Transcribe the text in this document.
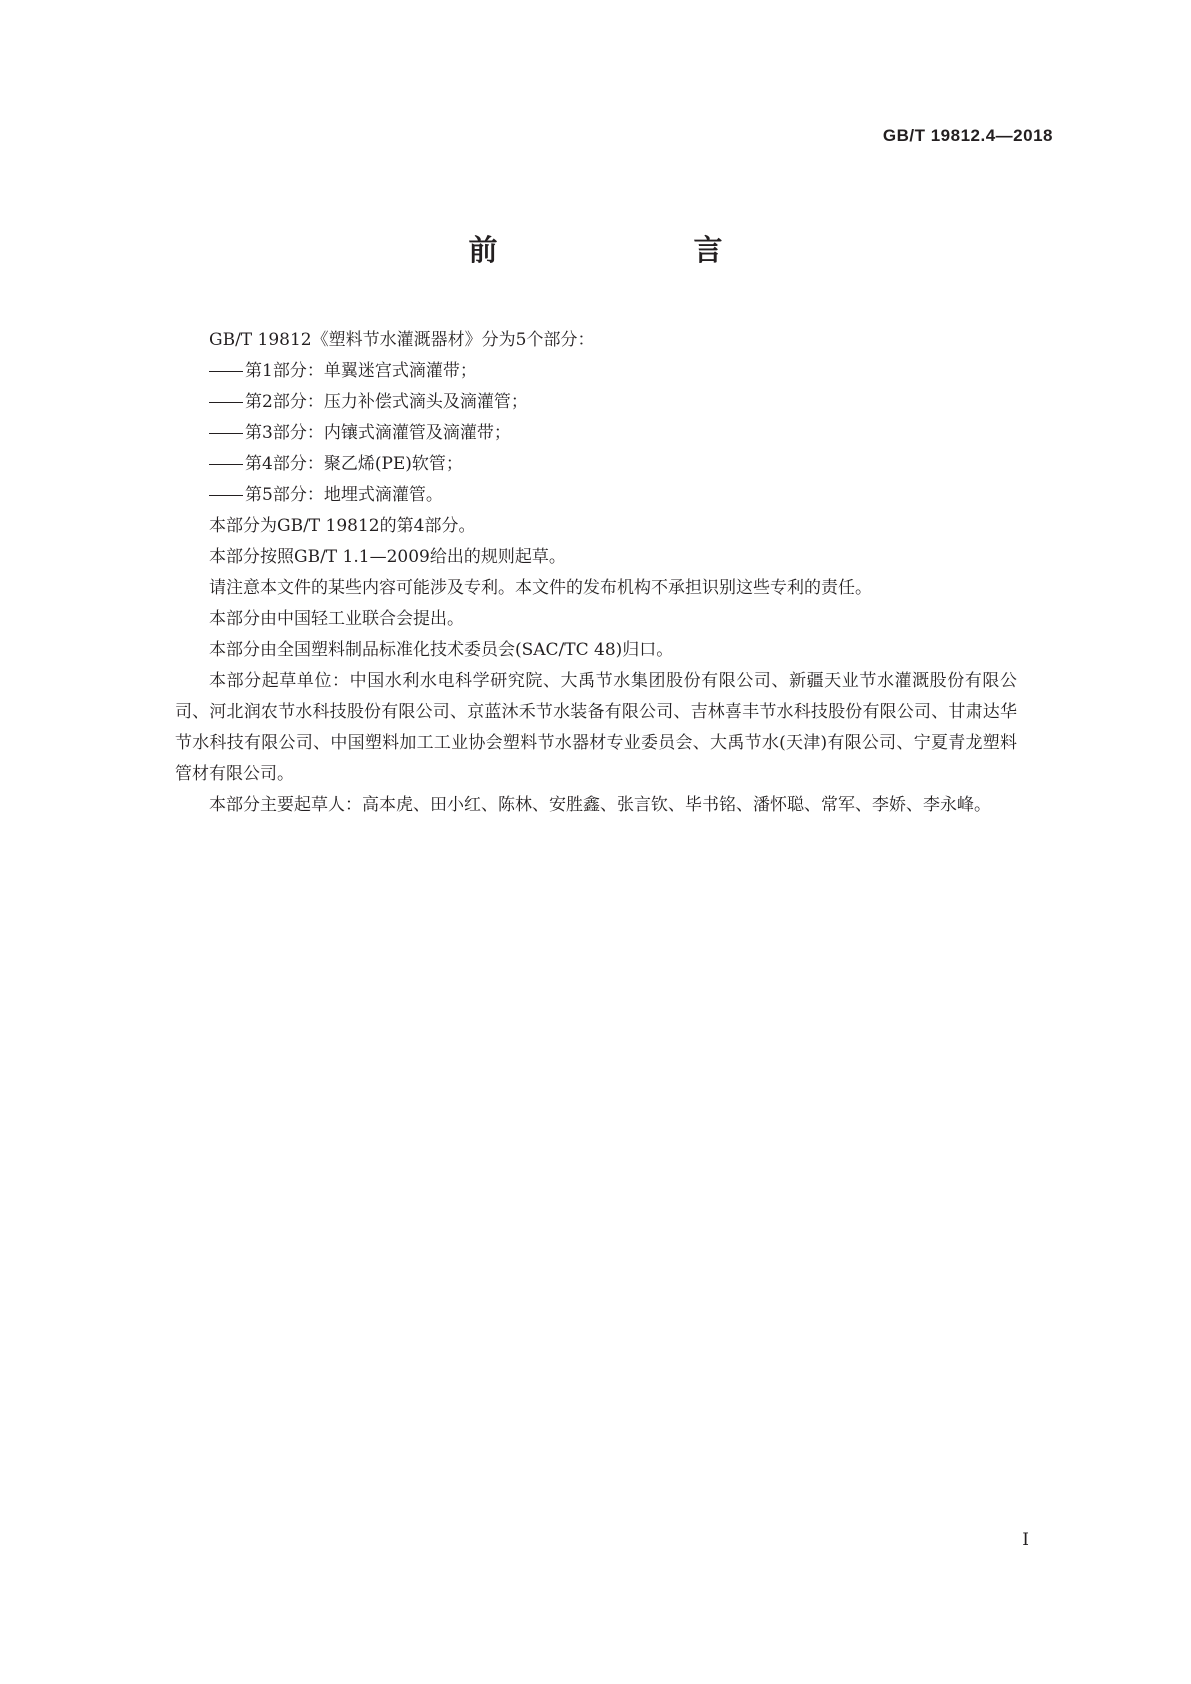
GB/T 19812.4—2018
前　　言

GB/T 19812《塑料节水灌溉器材》分为5个部分：

第1部分：单翼迷宫式滴灌带；
第2部分：压力补偿式滴头及滴灌管；
第3部分：内镶式滴灌管及滴灌带；
第4部分：聚乙烯(PE)软管；
第5部分：地埋式滴灌管。

本部分为GB/T 19812的第4部分。

本部分按照GB/T 1.1—2009给出的规则起草。

请注意本文件的某些内容可能涉及专利。本文件的发布机构不承担识别这些专利的责任。

本部分由中国轻工业联合会提出。

本部分由全国塑料制品标准化技术委员会(SAC/TC 48)归口。

本部分起草单位：中国水利水电科学研究院、大禹节水集团股份有限公司、新疆天业节水灌溉股份有限公司、河北润农节水科技股份有限公司、京蓝沐禾节水装备有限公司、吉林喜丰节水科技股份有限公司、甘肃达华节水科技有限公司、中国塑料加工工业协会塑料节水器材专业委员会、大禹节水(天津)有限公司、宁夏青龙塑料管材有限公司。

本部分主要起草人：高本虎、田小红、陈林、安胜鑫、张言钦、毕书铭、潘怀聪、常军、李娇、李永峰。

I
